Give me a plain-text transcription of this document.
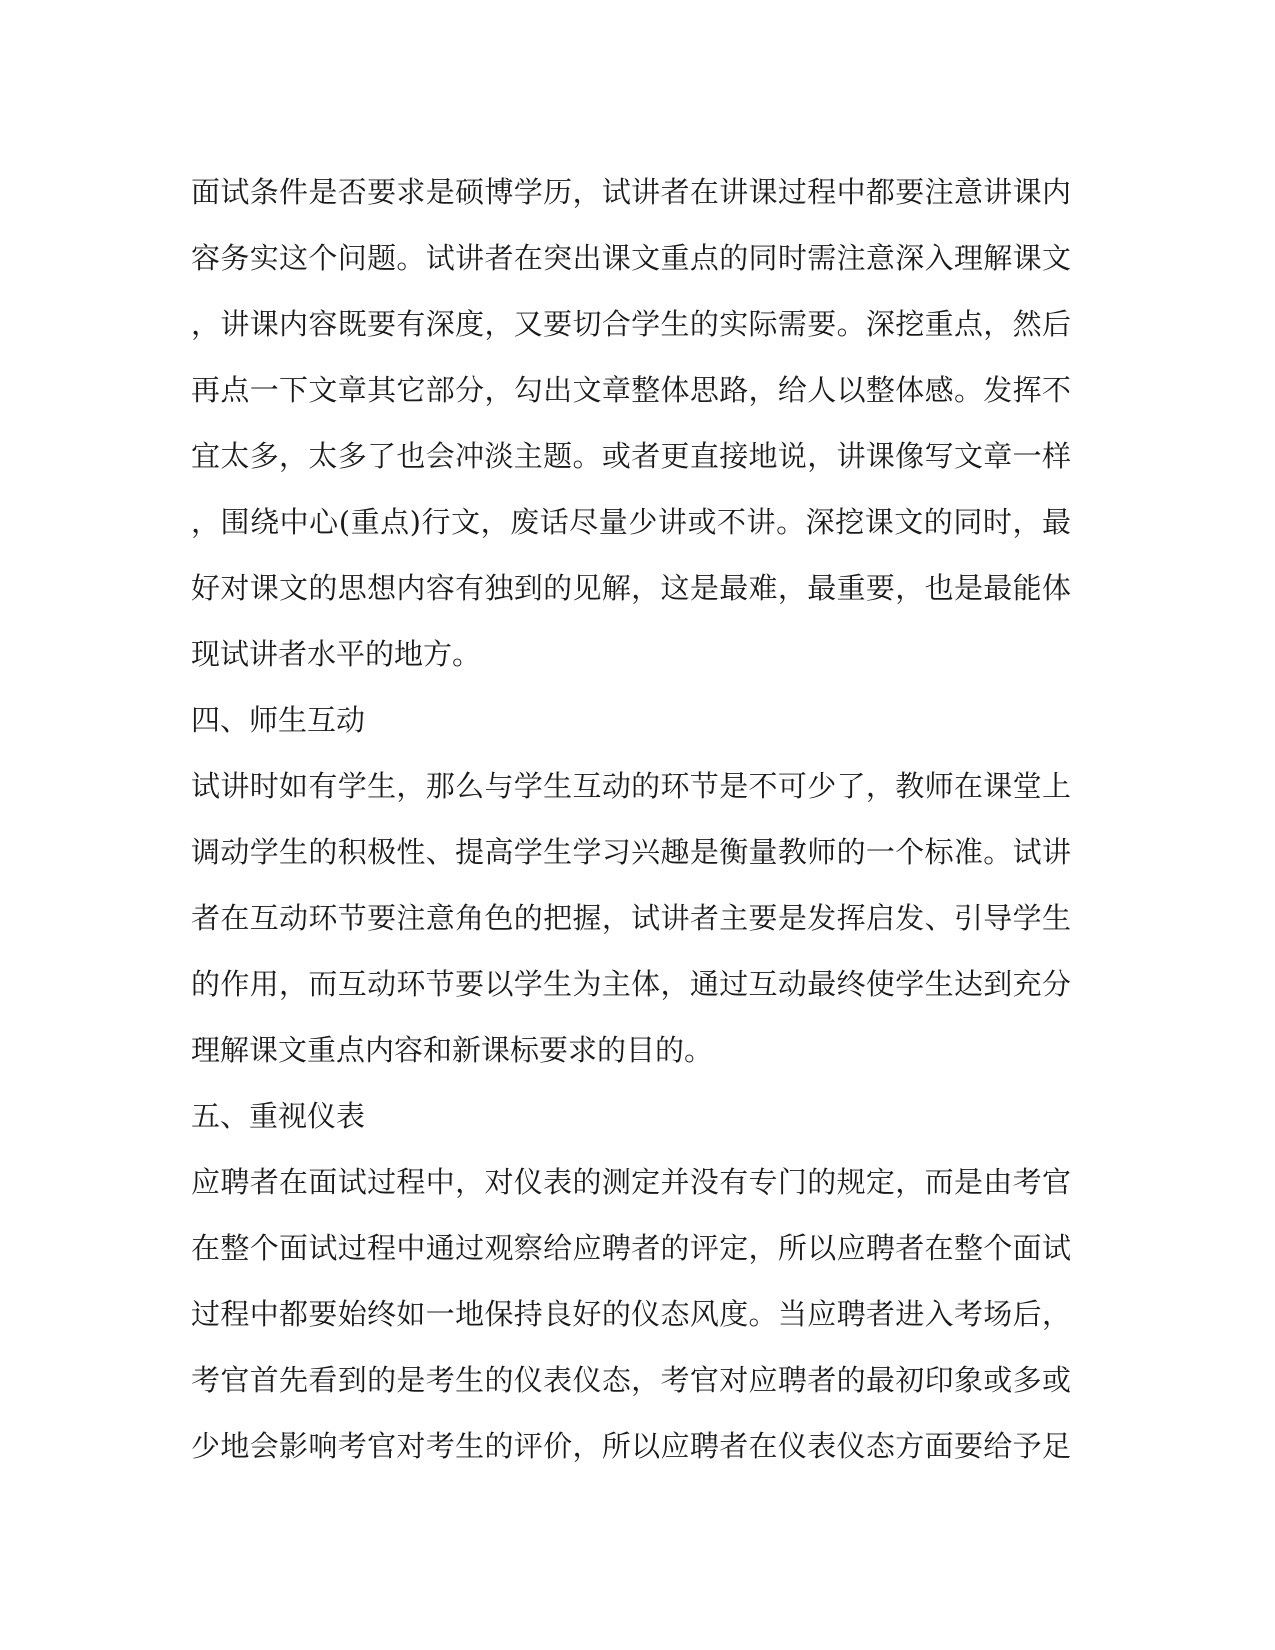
面试条件是否要求是硕博学历，试讲者在讲课过程中都要注意讲课内
容务实这个问题。试讲者在突出课文重点的同时需注意深入理解课文
，讲课内容既要有深度，又要切合学生的实际需要。深挖重点，然后
再点一下文章其它部分，勾出文章整体思路，给人以整体感。发挥不
宜太多，太多了也会冲淡主题。或者更直接地说，讲课像写文章一样
，围绕中心(重点)行文，废话尽量少讲或不讲。深挖课文的同时，最
好对课文的思想内容有独到的见解，这是最难，最重要，也是最能体
现试讲者水平的地方。
四、师生互动
试讲时如有学生，那么与学生互动的环节是不可少了，教师在课堂上
调动学生的积极性、提高学生学习兴趣是衡量教师的一个标准。试讲
者在互动环节要注意角色的把握，试讲者主要是发挥启发、引导学生
的作用，而互动环节要以学生为主体，通过互动最终使学生达到充分
理解课文重点内容和新课标要求的目的。
五、重视仪表
应聘者在面试过程中，对仪表的测定并没有专门的规定，而是由考官
在整个面试过程中通过观察给应聘者的评定，所以应聘者在整个面试
过程中都要始终如一地保持良好的仪态风度。当应聘者进入考场后，
考官首先看到的是考生的仪表仪态，考官对应聘者的最初印象或多或
少地会影响考官对考生的评价，所以应聘者在仪表仪态方面要给予足
